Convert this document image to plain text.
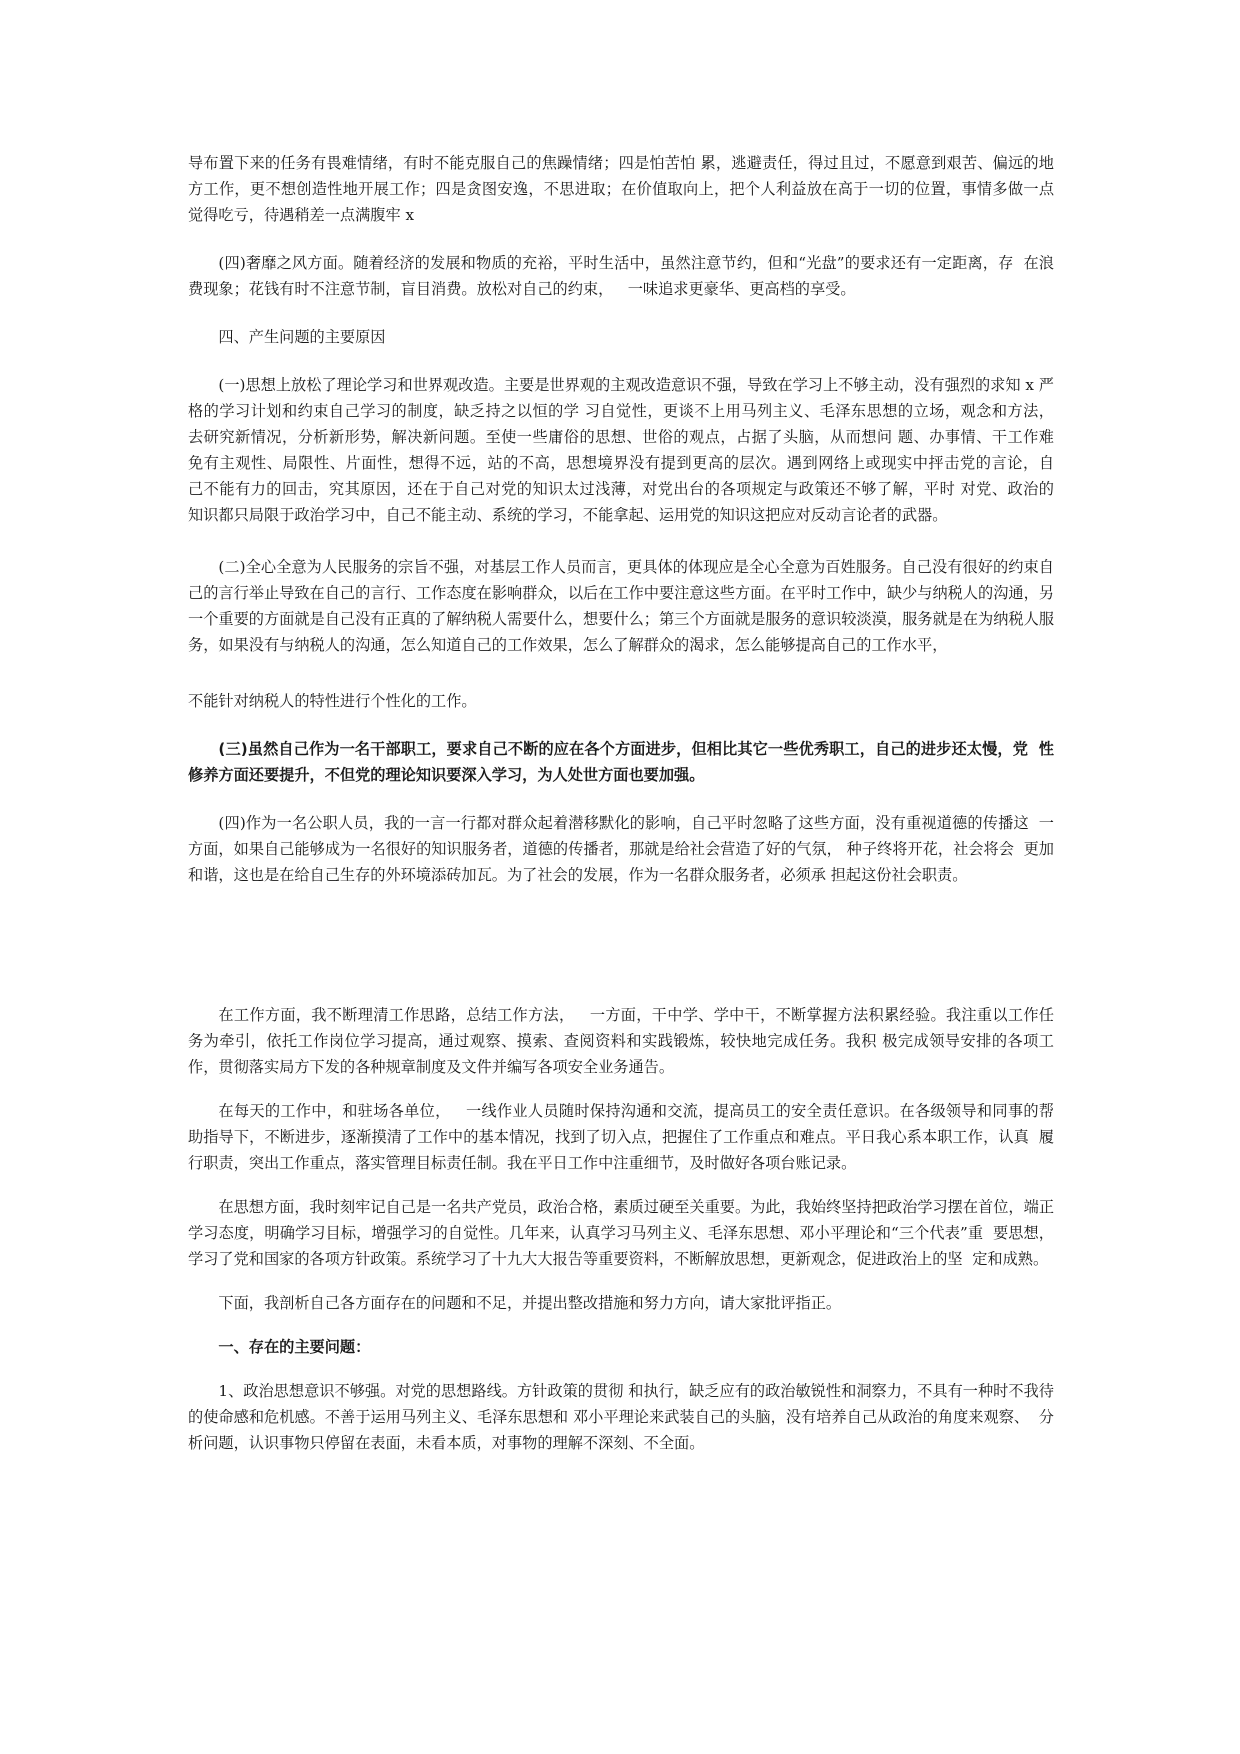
导布置下来的任务有畏难情绪，有时不能克服自己的焦躁情绪；四是怕苦怕 累，逃避责任，得过且过，不愿意到艰苦、偏远的地  方工作，更不想创造性地开展工作；四是贪图安逸，不思进取；在价值取向上，把个人利益放在高于一切的位置，事情多做一点    觉得吃亏，待遇稍差一点满腹牢 x

(四)奢靡之风方面。随着经济的发展和物质的充裕，平时生活中，虽然注意节约，但和“光盘”的要求还有一定距离，存  在浪费现象；花钱有时不注意节制，盲目消费。放松对自己的约束，   一味追求更豪华、更高档的享受。

四、产生问题的主要原因

(一)思想上放松了理论学习和世界观改造。主要是世界观的主观改造意识不强，导致在学习上不够主动，没有强烈的求知 x 严格的学习计划和约束自己学习的制度，缺乏持之以恒的学 习自觉性，更谈不上用马列主义、毛泽东思想的立场，观念和方法，   去研究新情况，分析新形势，解决新问题。至使一些庸俗的思想、世俗的观点，占据了头脑，从而想问 题、办事情、干工作难    免有主观性、局限性、片面性，想得不远，站的不高，思想境界没有提到更高的层次。遇到网络上或现实中抨击党的言论，自    己不能有力的回击，究其原因，还在于自己对党的知识太过浅薄，对党出台的各项规定与政策还不够了解，平时 对党、政治的    知识都只局限于政治学习中，自己不能主动、系统的学习，不能拿起、运用党的知识这把应对反动言论者的武器。

(二)全心全意为人民服务的宗旨不强，对基层工作人员而言，更具体的体现应是全心全意为百姓服务。自己没有很好的约束自己的言行举止导致在自己的言行、工作态度在影响群众，以后在工作中要注意这些方面。在平时工作中，缺少与纳税人的沟通，另一个重要的方面就是自己没有正真的了解纳税人需要什么，想要什么；第三个方面就是服务的意识较淡漠，服务就是在为纳税人服务，如果没有与纳税人的沟通，怎么知道自己的工作效果，怎么了解群众的渴求，怎么能够提高自己的工作水平，

不能针对纳税人的特性进行个性化的工作。

(三)虽然自己作为一名干部职工，要求自己不断的应在各个方面进步，但相比其它一些优秀职工，自己的进步还太慢，党  性修养方面还要提升，不但党的理论知识要深入学习，为人处世方面也要加强。

(四)作为一名公职人员，我的一言一行都对群众起着潜移默化的影响，自己平时忽略了这些方面，没有重视道德的传播这  一方面，如果自己能够成为一名很好的知识服务者，道德的传播者，那就是给社会营造了好的气氛， 种子终将开花，社会将会  更加和谐，这也是在给自己生存的外环境添砖加瓦。为了社会的发展，作为一名群众服务者，必须承 担起这份社会职责。

在工作方面，我不断理清工作思路，总结工作方法，   一方面，干中学、学中干，不断掌握方法积累经验。我注重以工作任  务为牵引，依托工作岗位学习提高，通过观察、摸索、查阅资料和实践锻炼，较快地完成任务。我积 极完成领导安排的各项工  作，贯彻落实局方下发的各种规章制度及文件并编写各项安全业务通告。

在每天的工作中，和驻场各单位，   一线作业人员随时保持沟通和交流，提高员工的安全责任意识。在各级领导和同事的帮  助指导下，不断进步，逐渐摸清了工作中的基本情况，找到了切入点，把握住了工作重点和难点。平日我心系本职工作，认真  履行职责，突出工作重点，落实管理目标责任制。我在平日工作中注重细节，及时做好各项台账记录。

在思想方面，我时刻牢记自己是一名共产党员，政治合格，素质过硬至关重要。为此，我始终坚持把政治学习摆在首位，端正学习态度，明确学习目标，增强学习的自觉性。几年来，认真学习马列主义、毛泽东思想、邓小平理论和“三个代表”重  要思想，学习了党和国家的各项方针政策。系统学习了十九大大报告等重要资料，不断解放思想，更新观念，促进政治上的坚  定和成熟。

下面，我剖析自己各方面存在的问题和不足，并提出整改措施和努力方向，请大家批评指正。

一、存在的主要问题：

1、政治思想意识不够强。对党的思想路线。方针政策的贯彻 和执行，缺乏应有的政治敏锐性和洞察力，不具有一种时不我待的使命感和危机感。不善于运用马列主义、毛泽东思想和 邓小平理论来武装自己的头脑，没有培养自己从政治的角度来观察、  分析问题，认识事物只停留在表面，未看本质，对事物的理解不深刻、不全面。
